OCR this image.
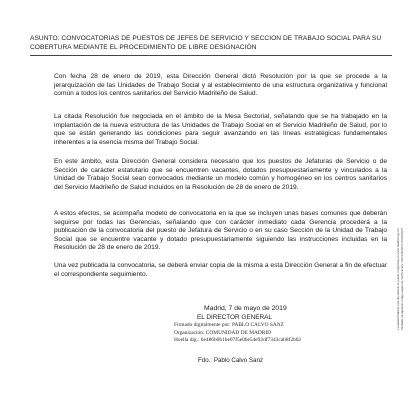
ASUNTO: CONVOCATORIAS DE PUESTOS DE JEFES DE SERVICIO Y SECCION DE TRABAJO SOCIAL PARA SU COBERTURA MEDIANTE EL PROCEDIMIENTO DE LIBRE DESIGNACIÓN
Con fecha 28 de enero de 2019, esta Dirección General dictó Resolución por la que se procede a la jerarquización de las Unidades de Trabajo Social y al establecimiento de una estructura organizativa y funcional común a todos los centros sanitarios del Servicio Madrileño de Salud.
La citada Resolución fue negociada en el ámbito de la Mesa Sectorial, señalando que se ha trabajado en la implantación de la nueva estructura de las Unidades de Trabajo Social en el Servicio Madrileño de Salud, por lo que se están generando las condiciones para seguir avanzando en las líneas estratégicas fundamentales inherentes a la esencia misma del Trabajo Social.
En este ámbito, esta Dirección General considera necesario que los puestos de Jefaturas de Servicio o de Sección de carácter estatutario que se encuentren vacantes, dotados presupuestariamente y vinculados a la Unidad de Trabajo Social sean convocados mediante un modelo común y homogéneo en los centros sanitarios del Servicio Madrileño de Salud incluidos en la Resolución de 28 de enero de 2019.
A estos efectos, se acompaña modelo de convocatoria en la que se incluyen unas bases comunes que deberán seguirse por todas las Gerencias, señalando que con carácter inmediato cada Gerencia procederá a la publicación de la convocatoria del puesto de Jefatura de Servicio o en su caso Sección de la Unidad de Trabajo Social que se encuentre vacante y dotado presupuestariamente siguiendo las instrucciones incluidas en la Resolución de 28 de enero de 2019.
Una vez publicada la convocatoria, se deberá enviar copia de la misma a esta Dirección General a fin de efectuar el correspondiente seguimiento.
Madrid, 7 de mayo de 2019
EL DIRECTOR GENERAL
Firmado digitalmente por: PABLO CALVO SANZ
Organización: COMUNIDAD DE MADRID
Huella dig.: 6e486b0b1be07f5e06e54e92df7343cab8f2b62
Fdo.: Pablo Calvo Sanz
La autenticidad de este documento se puede comprobar en www.madrid.org/csv mediante el siguiente código seguro de verificación: 1107358260711370560675
